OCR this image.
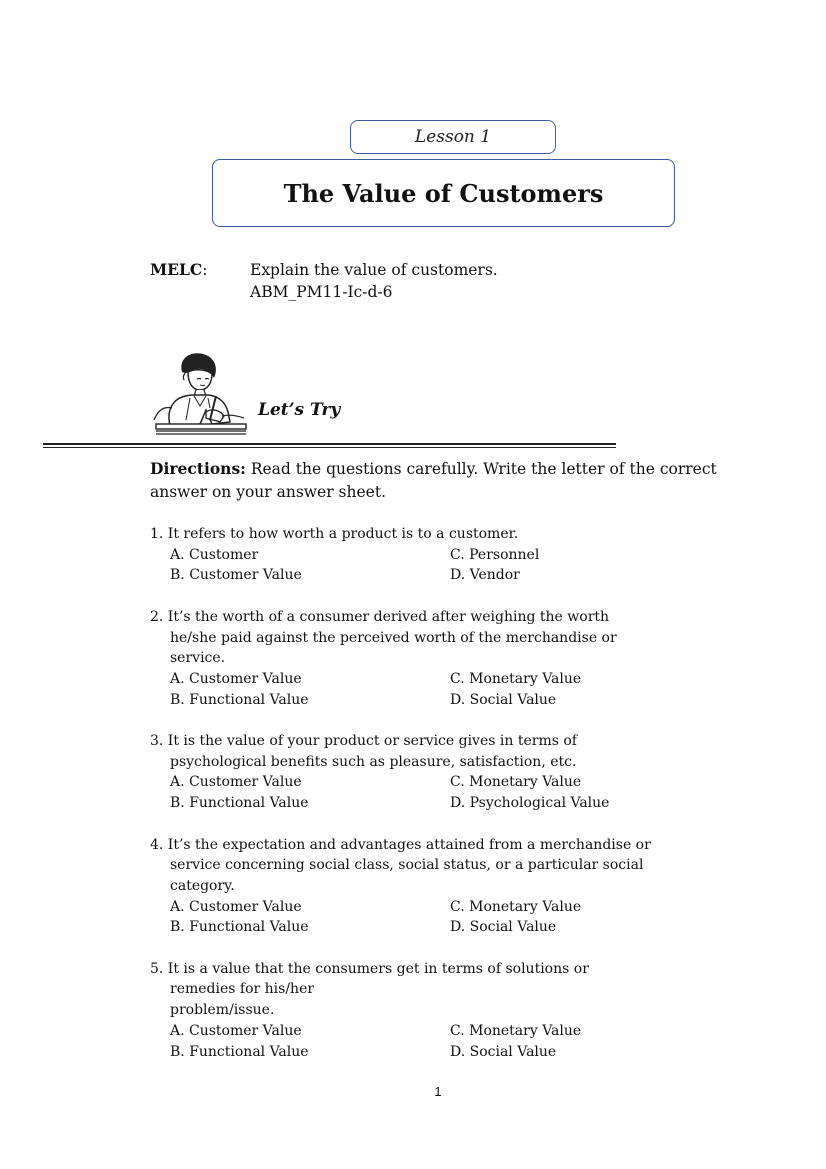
Lesson 1
The Value of Customers
MELC:	Explain the value of customers.
ABM_PM11-Ic-d-6
Let’s Try
Directions: Read the questions carefully. Write the letter of the correct answer on your answer sheet.
1. It refers to how worth a product is to a customer.
A. Customer	C. Personnel
B. Customer Value	D. Vendor
2. It’s the worth of a consumer derived after weighing the worth
he/she paid against the perceived worth of the merchandise or
service.
A. Customer Value	C. Monetary Value
B. Functional Value	D. Social Value
3. It is the value of your product or service gives in terms of
psychological benefits such as pleasure, satisfaction, etc.
A. Customer Value	C. Monetary Value
B. Functional Value	D. Psychological Value
4. It’s the expectation and advantages attained from a merchandise or
service concerning social class, social status, or a particular social
category.
A. Customer Value	C. Monetary Value
B. Functional Value	D. Social Value
5. It is a value that the consumers get in terms of solutions or
remedies for his/her
problem/issue.
A. Customer Value	C. Monetary Value
B. Functional Value	D. Social Value
1
